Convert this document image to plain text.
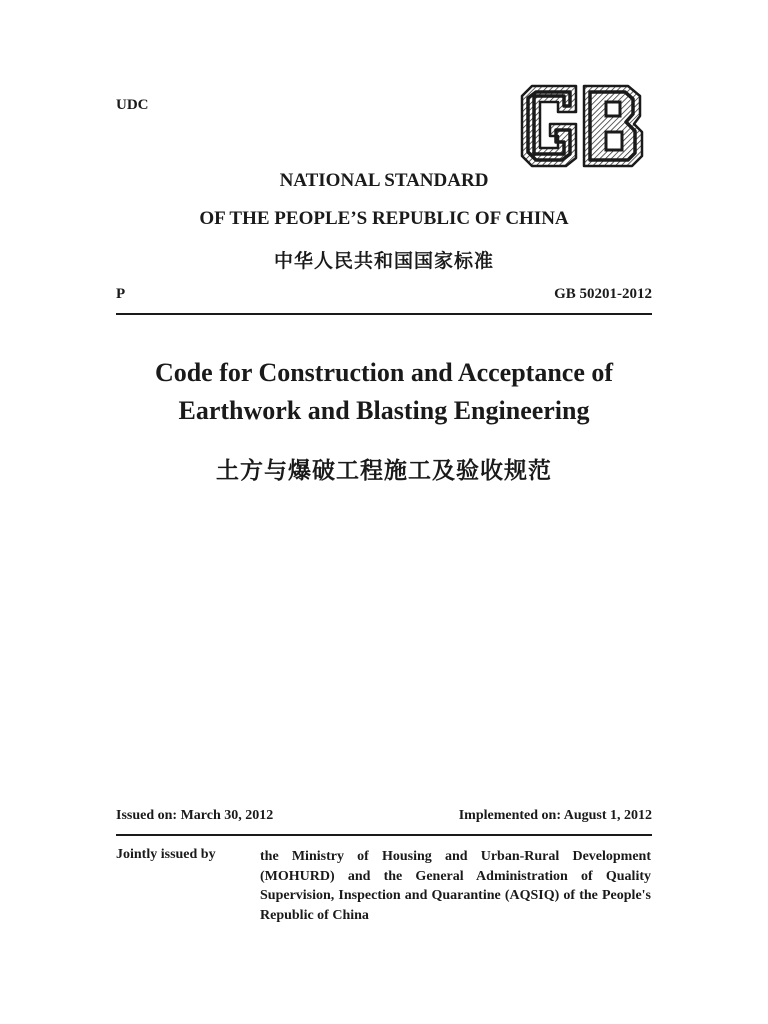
UDC
NATIONAL STANDARD
OF THE PEOPLE’S REPUBLIC OF CHINA
中华人民共和国国家标准
P	GB 50201-2012
Code for Construction and Acceptance of
Earthwork and Blasting Engineering
土方与爆破工程施工及验收规范
Issued on: March 30, 2012	Implemented on: August 1, 2012
Jointly issued by	the Ministry of Housing and Urban-Rural Development (MOHURD) and the General Administration of Quality Supervision, Inspection and Quarantine (AQSIQ) of the People's Republic of China
